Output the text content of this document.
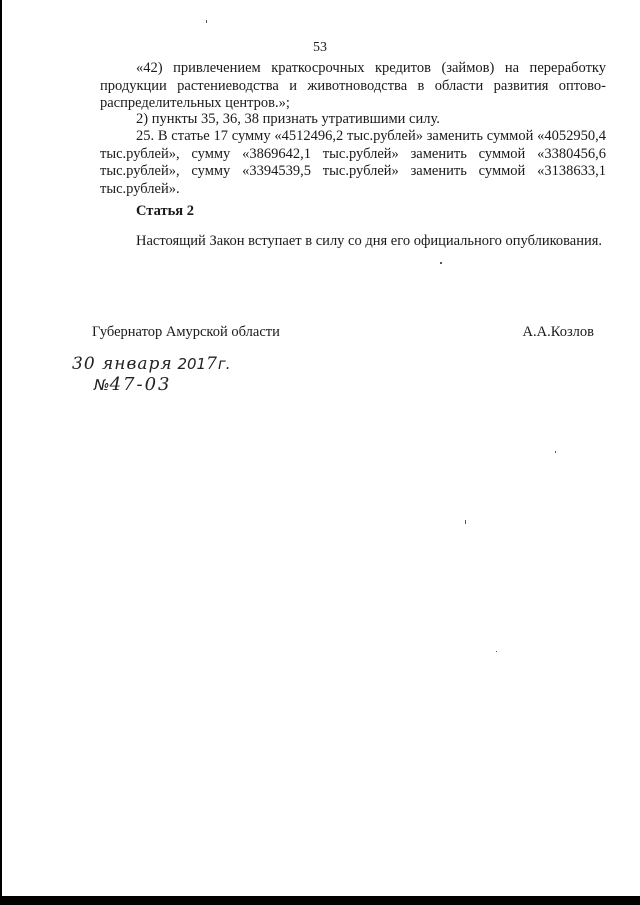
53
«42) привлечением краткосрочных кредитов (займов) на переработку продукции растениеводства и животноводства в области развития оптово-распределительных центров.»;
2) пункты 35, 36, 38 признать утратившими силу.
25. В статье 17 сумму «4512496,2 тыс.рублей» заменить суммой «4052950,4 тыс.рублей», сумму «3869642,1 тыс.рублей» заменить суммой «3380456,6 тыс.рублей», сумму «3394539,5 тыс.рублей» заменить суммой «3138633,1 тыс.рублей».
Статья 2
Настоящий Закон вступает в силу со дня его официального опубликования.
Губернатор Амурской области	А.А.Козлов
30 января 2017г.
№47-03
